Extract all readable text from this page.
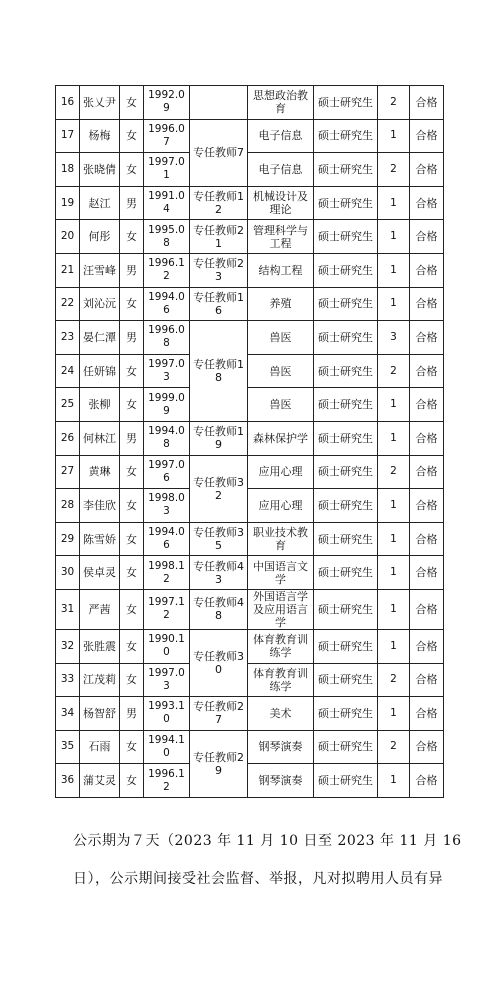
16	张乂尹	女	1992.09		思想政治教育	硕士研究生	2	合格
17	杨梅	女	1996.07	专任教师7	电子信息	硕士研究生	1	合格
18	张晓倩	女	1997.01		电子信息	硕士研究生	2	合格
19	赵江	男	1991.04	专任教师12	机械设计及理论	硕士研究生	1	合格
20	何彤	女	1995.08	专任教师21	管理科学与工程	硕士研究生	1	合格
21	汪雪峰	男	1996.12	专任教师23	结构工程	硕士研究生	1	合格
22	刘沁沅	女	1994.06	专任教师16	养殖	硕士研究生	1	合格
23	晏仁潭	男	1996.08	专任教师18	兽医	硕士研究生	3	合格
24	任妍锦	女	1997.03		兽医	硕士研究生	2	合格
25	张柳	女	1999.09		兽医	硕士研究生	1	合格
26	何林江	男	1994.08	专任教师19	森林保护学	硕士研究生	1	合格
27	黄琳	女	1997.06	专任教师32	应用心理	硕士研究生	2	合格
28	李佳欣	女	1998.03		应用心理	硕士研究生	1	合格
29	陈雪娇	女	1994.06	专任教师35	职业技术教育	硕士研究生	1	合格
30	侯卓灵	女	1998.12	专任教师43	中国语言文学	硕士研究生	1	合格
31	严茜	女	1997.12	专任教师48	外国语言学及应用语言学	硕士研究生	1	合格
32	张胜震	女	1990.10	专任教师30	体育教育训练学	硕士研究生	1	合格
33	江茂莉	女	1997.03		体育教育训练学	硕士研究生	2	合格
34	杨智舒	男	1993.10	专任教师27	美术	硕士研究生	1	合格
35	石雨	女	1994.10	专任教师29	钢琴演奏	硕士研究生	2	合格
36	蒲艾灵	女	1996.12		钢琴演奏	硕士研究生	1	合格

公示期为７天（2023 年 11 月 10 日至 2023 年 11 月 16

日），公示期间接受社会监督、举报，凡对拟聘用人员有异
